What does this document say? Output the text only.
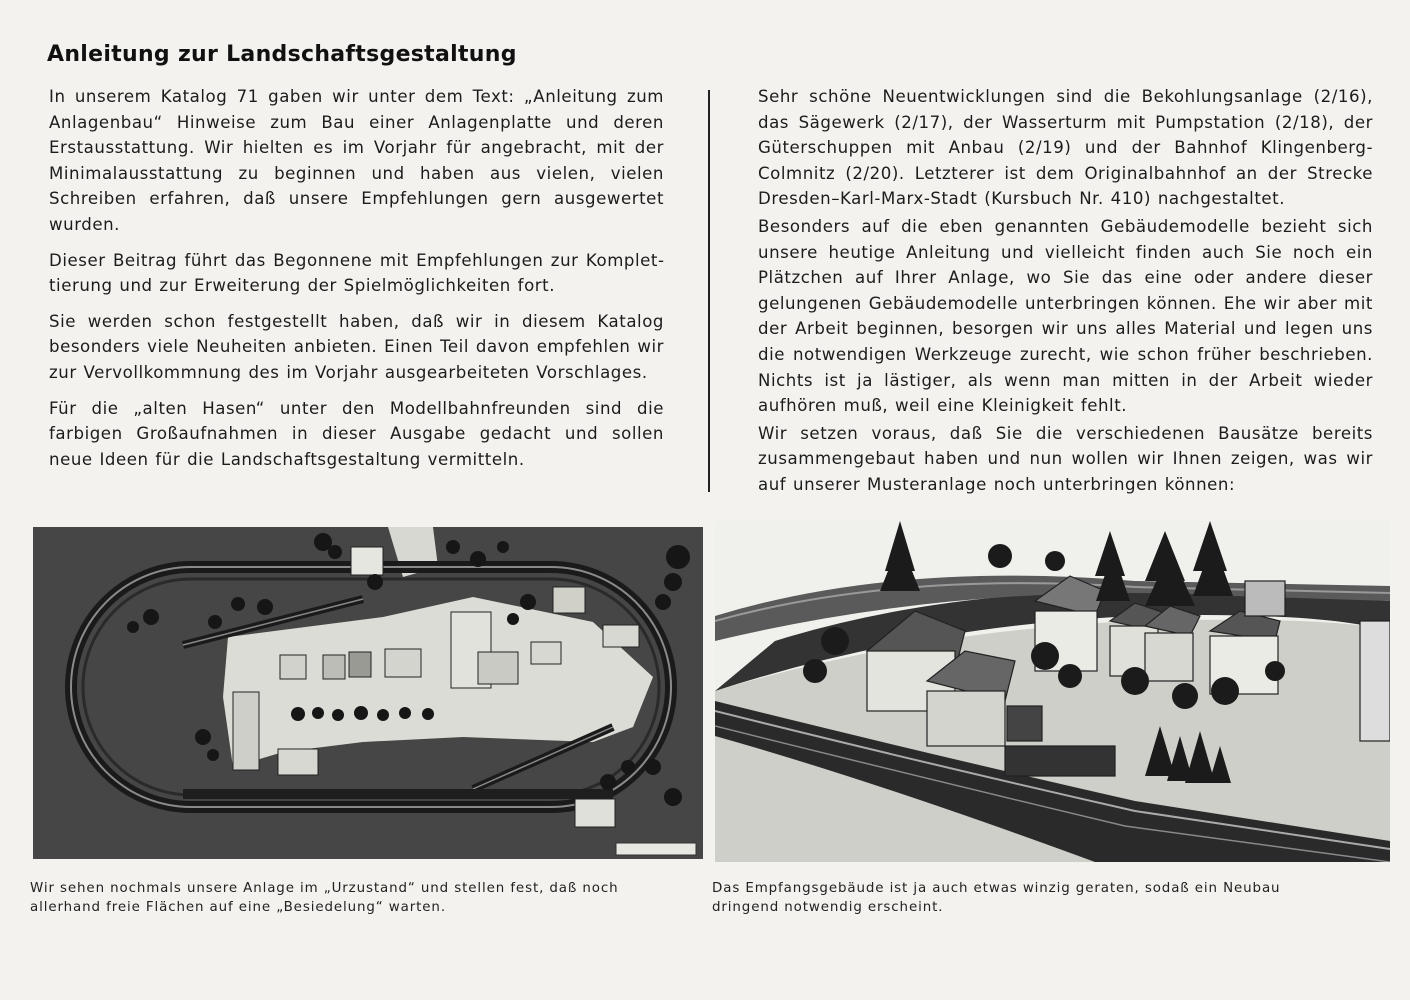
Anleitung zur Landschaftsgestaltung

In unserem Katalog 71 gaben wir unter dem Text: „Anleitung zum Anlagenbau“ Hinweise zum Bau einer Anlagenplatte und deren Erstausstattung. Wir hielten es im Vorjahr für angebracht, mit der Minimalausstattung zu beginnen und haben aus vielen, vielen Schreiben erfahren, daß unsere Empfehlungen gern ausgewertet wurden.

Dieser Beitrag führt das Begonnene mit Empfehlungen zur Komplettierung und zur Erweiterung der Spielmöglichkeiten fort.

Sie werden schon festgestellt haben, daß wir in diesem Katalog besonders viele Neuheiten anbieten. Einen Teil davon empfehlen wir zur Vervollkommnung des im Vorjahr ausgearbeiteten Vorschlages.

Für die „alten Hasen“ unter den Modellbahnfreunden sind die farbigen Großaufnahmen in dieser Ausgabe gedacht und sollen neue Ideen für die Landschaftsgestaltung vermitteln.

Sehr schöne Neuentwicklungen sind die Bekohlungsanlage (2/16), das Sägewerk (2/17), der Wasserturm mit Pumpstation (2/18), der Güterschuppen mit Anbau (2/19) und der Bahnhof Klingenberg-Colmnitz (2/20). Letzterer ist dem Originalbahnhof an der Strecke Dresden–Karl-Marx-Stadt (Kursbuch Nr. 410) nachgestaltet.

Besonders auf die eben genannten Gebäudemodelle bezieht sich unsere heutige Anleitung und vielleicht finden auch Sie noch ein Plätzchen auf Ihrer Anlage, wo Sie das eine oder andere dieser gelungenen Gebäudemodelle unterbringen können. Ehe wir aber mit der Arbeit beginnen, besorgen wir uns alles Material und legen uns die notwendigen Werkzeuge zurecht, wie schon früher beschrieben. Nichts ist ja lästiger, als wenn man mitten in der Arbeit wieder aufhören muß, weil eine Kleinigkeit fehlt.

Wir setzen voraus, daß Sie die verschiedenen Bausätze bereits zusammengebaut haben und nun wollen wir Ihnen zeigen, was wir auf unserer Musteranlage noch unterbringen können:

Wir sehen nochmals unsere Anlage im „Urzustand“ und stellen fest, daß noch allerhand freie Flächen auf eine „Besiedelung“ warten.
Das Empfangsgebäude ist ja auch etwas winzig geraten, sodaß ein Neubau dringend notwendig erscheint.
